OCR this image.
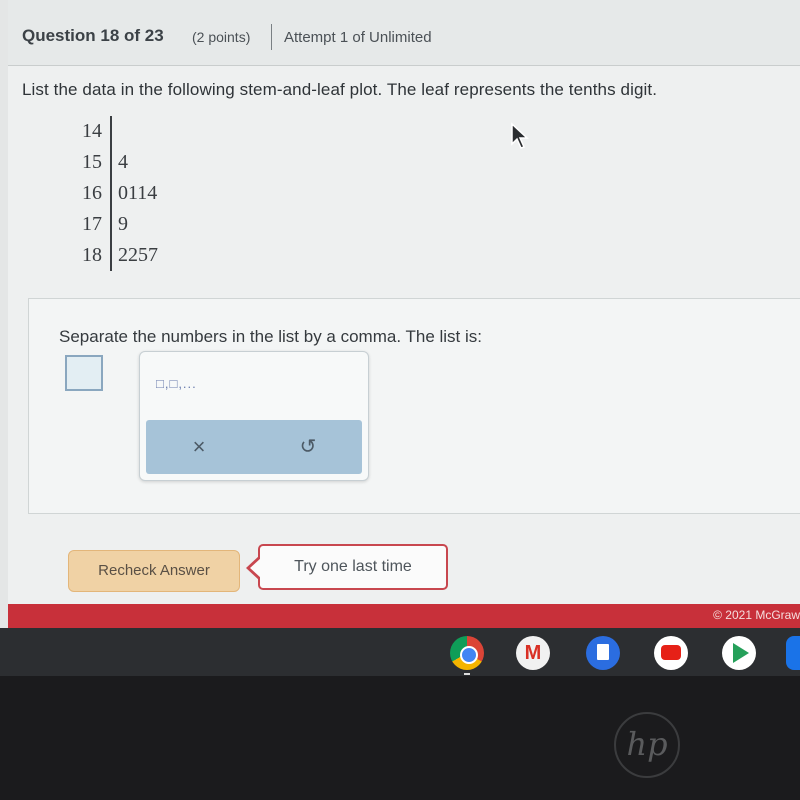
Question 18 of 23 (2 points) Attempt 1 of Unlimited
List the data in the following stem-and-leaf plot. The leaf represents the tenths digit.
14
15 4
16 0114
17 9
18 2257
Separate the numbers in the list by a comma. The list is:
□,□,...
×	↺
Recheck Answer	Try one last time
© 2021 McGraw
M
hp
